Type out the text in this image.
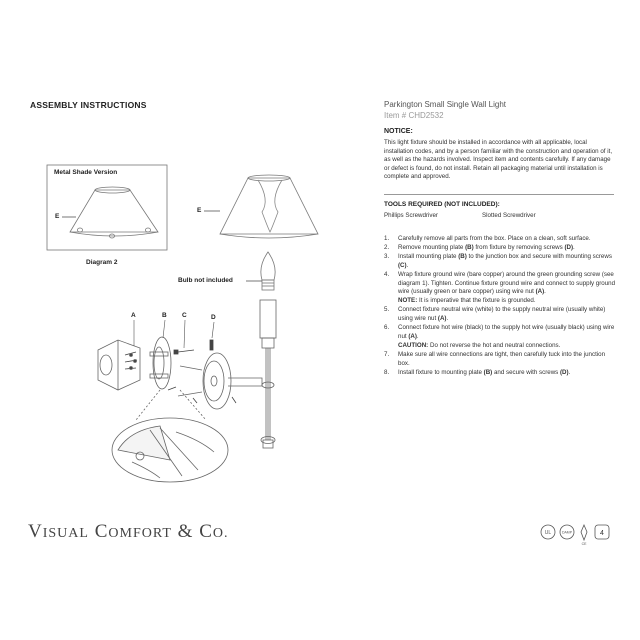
ASSEMBLY INSTRUCTIONS	Parkington Small Single Wall Light
Item # CHD2532
NOTICE:
This light fixture should be installed in accordance with all applicable, local installation codes, and by a person familiar with the construction and operation of it, as well as the hazards involved. Inspect item and contents carefully. If any damage or defect is found, do not install. Retain all packaging material until installation is complete and approved.
TOOLS REQUIRED (NOT INCLUDED):
Phillips Screwdriver	Slotted Screwdriver
1. Carefully remove all parts from the box. Place on a clean, soft surface.
2. Remove mounting plate (B) from fixture by removing screws (D).
3. Install mounting plate (B) to the junction box and secure with mounting screws (C).
4. Wrap fixture ground wire (bare copper) around the green grounding screw (see diagram 1). Tighten. Continue fixture ground wire and connect to supply ground wire (usually green or bare copper) using wire nut (A).
NOTE: It is imperative that the fixture is grounded.
5. Connect fixture neutral wire (white) to the supply neutral wire (usually white) using wire nut (A).
6. Connect fixture hot wire (black) to the supply hot wire (usually black) using wire nut (A).
CAUTION: Do not reverse the hot and neutral connections.
7. Make sure all wire connections are tight, then carefully tuck into the junction box.
8. Install fixture to mounting plate (B) and secure with screws (D).
Metal Shade Version
Diagram 2
E
E
Bulb not included
A	B C	D
VISUAL COMFORT & CO.	UL	DAMP
CE
4
